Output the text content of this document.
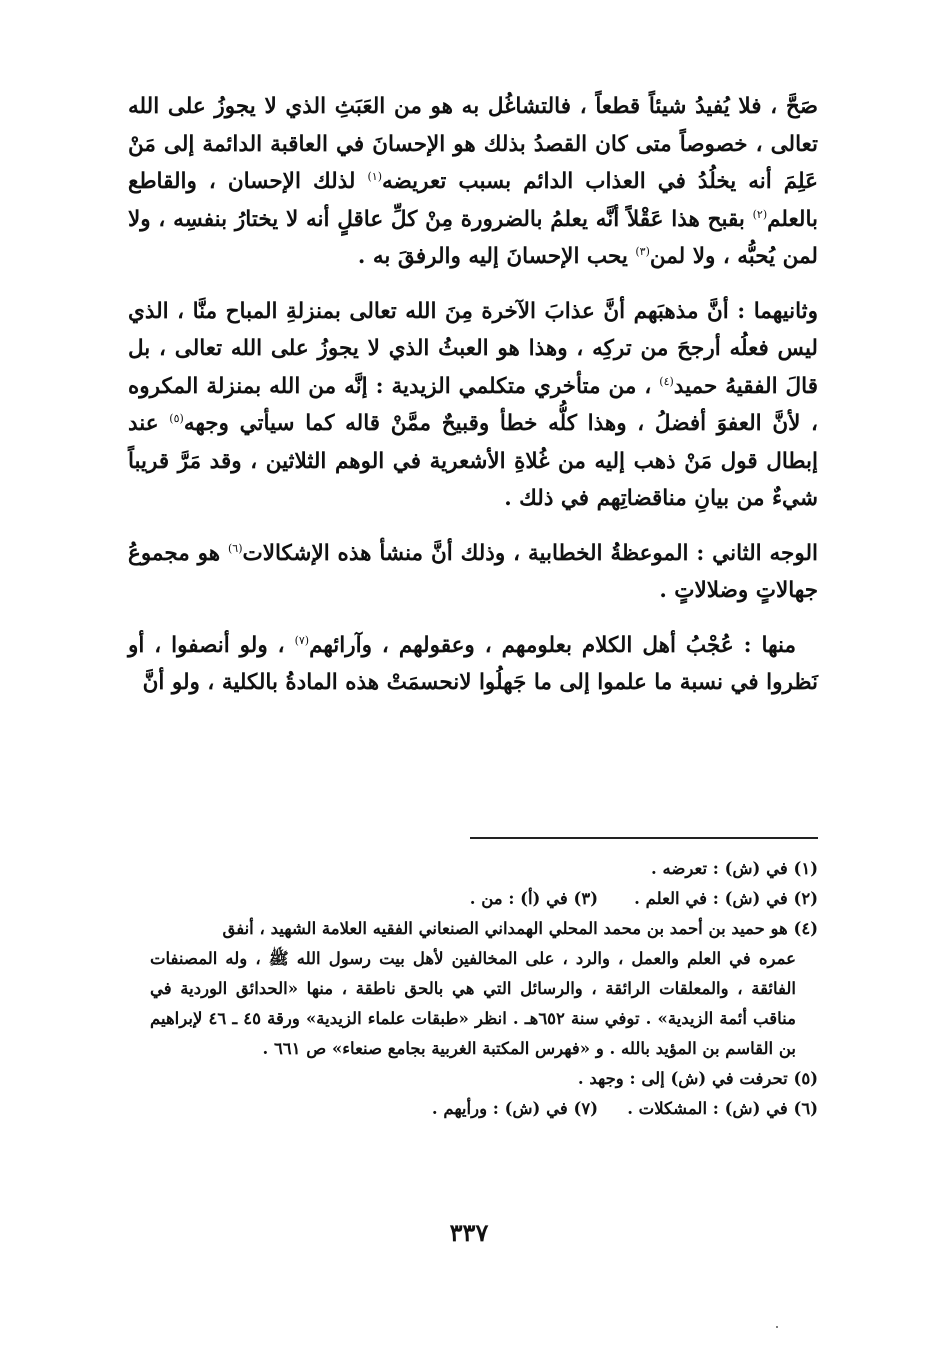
صَحَّ ، فلا يُفيدُ شيئاً قطعاً ، فالتشاغُل به هو من العَبَثِ الذي لا يجوزُ على الله تعالى ، خصوصاً متى كان القصدُ بذلك هو الإحسانَ في العاقبة الدائمة إلى مَنْ عَلِمَ أنه يخلُدُ في العذاب الدائم بسبب تعريضه$^{(١)}$ لذلك الإحسان ، والقاطع بالعلم$^{(٢)}$ بقبح هذا عَقْلاً أنَّه يعلمُ بالضرورة مِنْ كلِّ عاقلٍ أنه لا يختارُ بنفسِه ، ولا لمن يُحبُّه ، ولا لمن$^{(٣)}$ يحب الإحسانَ إليه والرفقَ به .

وثانيهما : أنَّ مذهبَهم أنَّ عذابَ الآخرة مِنَ الله تعالى بمنزلةِ المباح منَّا ، الذي ليس فعلُه أرجحَ من تركِه ، وهذا هو العبثُ الذي لا يجوزُ على الله تعالى ، بل قالَ الفقيهُ حميد$^{(٤)}$ ، من متأخري متكلمي الزيدية : إنَّه من الله بمنزلة المكروه ، لأنَّ العفوَ أفضلُ ، وهذا كلُّه خطأ وقبيحٌ ممَّنْ قاله كما سيأتي وجهه$^{(٥)}$ عند إبطال قول مَنْ ذهب إليه من غُلاةِ الأشعرية في الوهم الثلاثين ، وقد مَرَّ قريباً شيءٌ من بيانِ مناقضاتِهم في ذلك .

الوجه الثاني : الموعظةُ الخطابية ، وذلك أنَّ منشأ هذه الإشكالات$^{(٦)}$ هو مجموعُ جهالاتٍ وضلالاتٍ .

منها : عُجْبُ أهل الكلام بعلومهم ، وعقولهم ، وآرائهم$^{(٧)}$ ، ولو أنصفوا ، أو نَظروا في نسبة ما علموا إلى ما جَهلُوا لانحسمَتْ هذه المادةُ بالكلية ، ولو أنَّ

(١) في (ش) : تعرضه .

(٢) في (ش) : في العلم .
(٣) في (أ) : من .
(٤) هو حميد بن أحمد بن محمد المحلي الهمداني الصنعاني الفقيه العلامة الشهيد ، أنفق
عمره في العلم والعمل ، والرد ، على المخالفين لأهل بيت رسول الله ﷺ ، وله المصنفات الفائقة ، والمعلقات الرائقة ، والرسائل التي هي بالحق ناطقة ، منها «الحدائق الوردية في مناقب أئمة الزيدية» . توفي سنة ٦٥٢هـ . انظر «طبقات علماء الزيدية» ورقة ٤٥ ـ ٤٦ لإبراهيم بن القاسم بن المؤيد بالله . و «فهرس المكتبة الغربية بجامع صنعاء» ص ٦٦١ .

(٥) تحرفت في (ش) إلى : وجهد .

(٦) في (ش) : المشكلات .
(٧) في (ش) : ورأيهم .
٣٣٧
